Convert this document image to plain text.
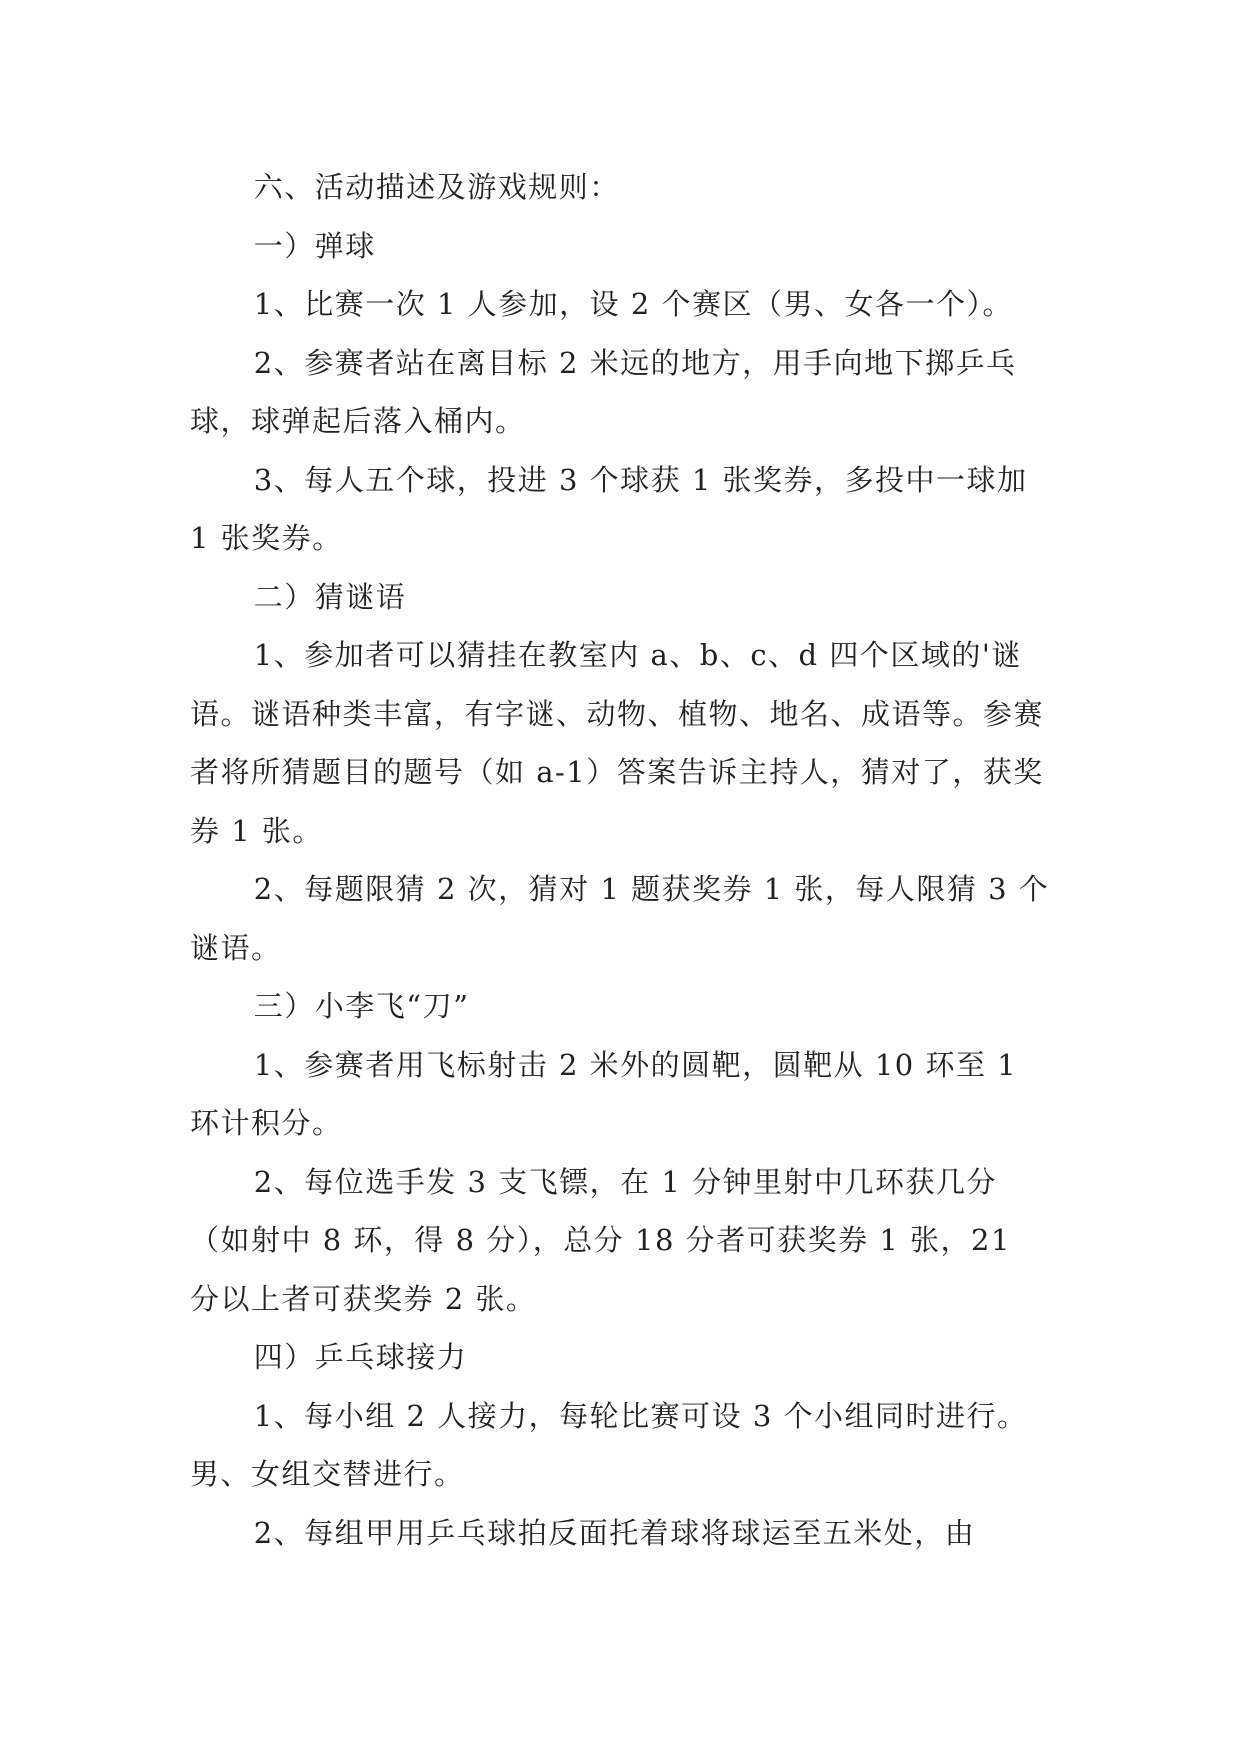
六、活动描述及游戏规则：

一）弹球

1、比赛一次 1 人参加，设 2 个赛区（男、女各一个）。

2、参赛者站在离目标 2 米远的地方，用手向地下掷乒乓球，球弹起后落入桶内。

3、每人五个球，投进 3 个球获 1 张奖券，多投中一球加 1 张奖券。

二）猜谜语

1、参加者可以猜挂在教室内 a、b、c、d 四个区域的'谜语。谜语种类丰富，有字谜、动物、植物、地名、成语等。参赛者将所猜题目的题号（如 a-1）答案告诉主持人，猜对了，获奖券 1 张。

2、每题限猜 2 次，猜对 1 题获奖券 1 张，每人限猜 3 个谜语。

三）小李飞“刀”

1、参赛者用飞标射击 2 米外的圆靶，圆靶从 10 环至 1 环计积分。

2、每位选手发 3 支飞镖，在 1 分钟里射中几环获几分（如射中 8 环，得 8 分），总分 18 分者可获奖券 1 张，21 分以上者可获奖券 2 张。

四）乒乓球接力

1、每小组 2 人接力，每轮比赛可设 3 个小组同时进行。男、女组交替进行。

2、每组甲用乒乓球拍反面托着球将球运至五米处，由
